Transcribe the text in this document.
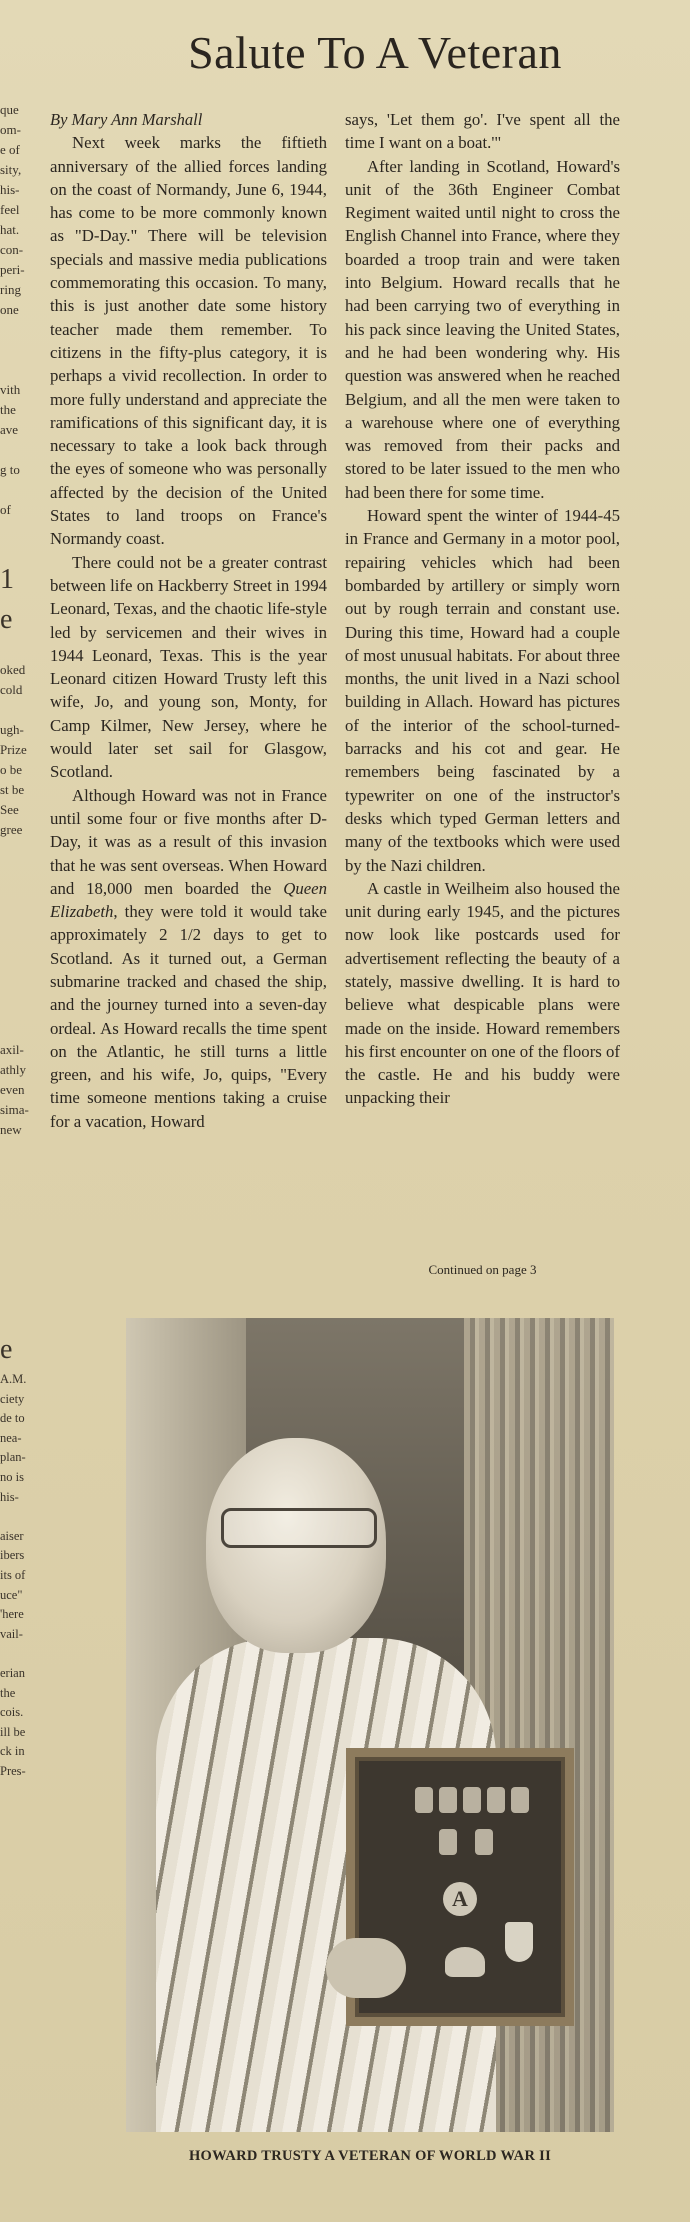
Salute To A Veteran
que
om-
e of
sity,
his-
feel
hat.
con-
peri-
ring
one

vith
the
ave

g to

of

1
e

oked
cold

ugh-
Prize
o be
st be
See
gree

axil-
athly
even
sima-
new

By Mary Ann Marshall

Next week marks the fiftieth anniversary of the allied forces landing on the coast of Normandy, June 6, 1944, has come to be more commonly known as "D-Day." There will be television specials and massive media publications commemorating this occasion. To many, this is just another date some history teacher made them remember. To citizens in the fifty-plus category, it is perhaps a vivid recollection. In order to more fully understand and appreciate the ramifications of this significant day, it is necessary to take a look back through the eyes of someone who was personally affected by the decision of the United States to land troops on France's Normandy coast.

There could not be a greater contrast between life on Hackberry Street in 1994 Leonard, Texas, and the chaotic life-style led by servicemen and their wives in 1944 Leonard, Texas. This is the year Leonard citizen Howard Trusty left this wife, Jo, and young son, Monty, for Camp Kilmer, New Jersey, where he would later set sail for Glasgow, Scotland.

Although Howard was not in France until some four or five months after D-Day, it was as a result of this invasion that he was sent overseas. When Howard and 18,000 men boarded the Queen Elizabeth, they were told it would take approximately 2 1/2 days to get to Scotland. As it turned out, a German submarine tracked and chased the ship, and the journey turned into a seven-day ordeal. As Howard recalls the time spent on the Atlantic, he still turns a little green, and his wife, Jo, quips, "Every time someone mentions taking a cruise for a vacation, Howard

says, 'Let them go'. I've spent all the time I want on a boat.'"

After landing in Scotland, Howard's unit of the 36th Engineer Combat Regiment waited until night to cross the English Channel into France, where they boarded a troop train and were taken into Belgium. Howard recalls that he had been carrying two of everything in his pack since leaving the United States, and he had been wondering why. His question was answered when he reached Belgium, and all the men were taken to a warehouse where one of everything was removed from their packs and stored to be later issued to the men who had been there for some time.

Howard spent the winter of 1944-45 in France and Germany in a motor pool, repairing vehicles which had been bombarded by artillery or simply worn out by rough terrain and constant use. During this time, Howard had a couple of most unusual habitats. For about three months, the unit lived in a Nazi school building in Allach. Howard has pictures of the interior of the school-turned-barracks and his cot and gear. He remembers being fascinated by a typewriter on one of the instructor's desks which typed German letters and many of the textbooks which were used by the Nazi children.

A castle in Weilheim also housed the unit during early 1945, and the pictures now look like postcards used for advertisement reflecting the beauty of a stately, massive dwelling. It is hard to believe what despicable plans were made on the inside. Howard remembers his first encounter on one of the floors of the castle. He and his buddy were unpacking their

Continued on page 3
e
A.M.
ciety
de to
nea-
plan-
no is
his-

aiser
ibers
its of
uce"
'here
vail-

erian
the
cois.
ill be
ck in
Pres-
A
HOWARD TRUSTY A VETERAN OF WORLD WAR II
